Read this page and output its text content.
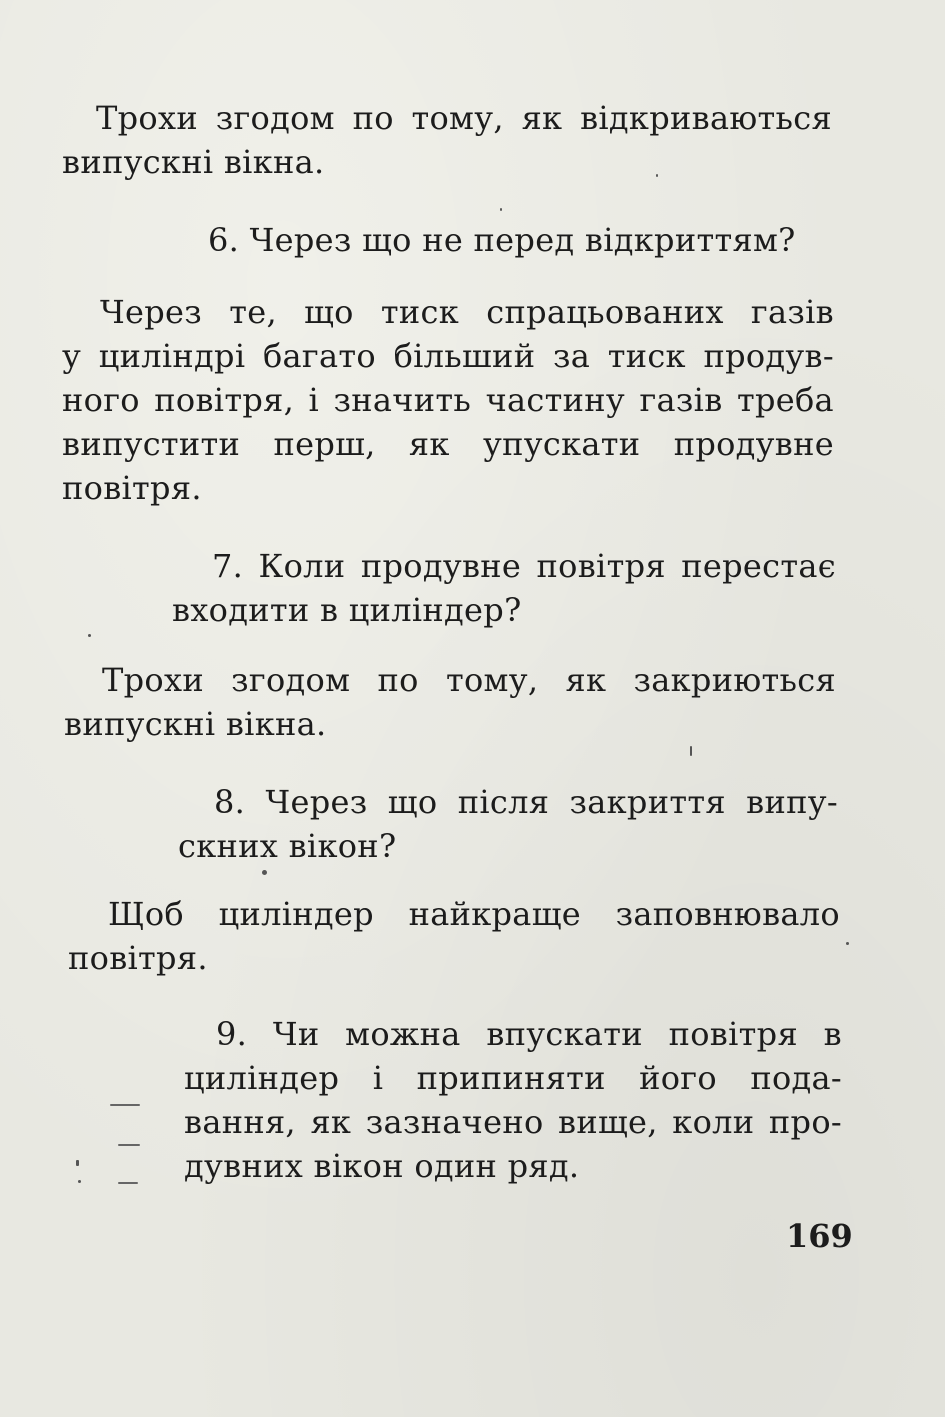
Трохи згодом по тому, як відкриваються

випускні вікна.

6. Через що не перед відкриттям?

Через те, що тиск спрацьованих газів

у циліндрі багато більший за тиск продув-

ного повітря, і значить частину газів треба

випустити перш, як упускати продувне

повітря.

7. Коли продувне повітря перестає

входити в циліндер?

Трохи згодом по тому, як закриються

випускні вікна.

8. Через що після закриття випу-

скних вікон?

Щоб циліндер найкраще заповнювало

повітря.

9. Чи можна впускати повітря в

циліндер і припиняти його пода-

вання, як зазначено вище, коли про-

дувних вікон один ряд.

169
